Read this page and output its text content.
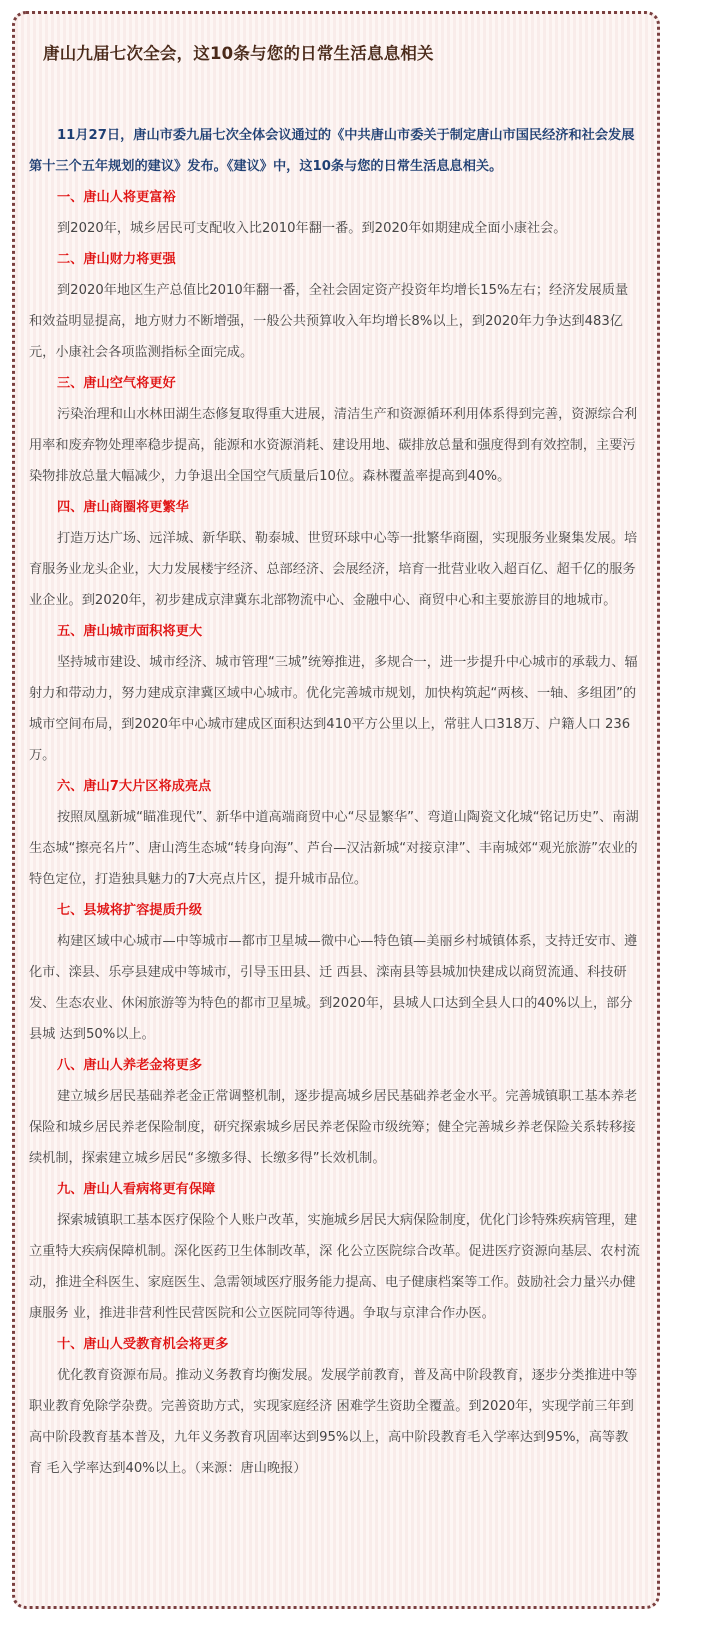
唐山九届七次全会，这10条与您的日常生活息息相关

11月27日，唐山市委九届七次全体会议通过的《中共唐山市委关于制定唐山市国民经济和社会发展第十三个五年规划的建议》发布。《建议》中，这10条与您的日常生活息息相关。

一、唐山人将更富裕

到2020年，城乡居民可支配收入比2010年翻一番。到2020年如期建成全面小康社会。

二、唐山财力将更强

到2020年地区生产总值比2010年翻一番，全社会固定资产投资年均增长15%左右；经济发展质量和效益明显提高，地方财力不断增强，一般公共预算收入年均增长8%以上，到2020年力争达到483亿元，小康社会各项监测指标全面完成。

三、唐山空气将更好

污染治理和山水林田湖生态修复取得重大进展，清洁生产和资源循环利用体系得到完善，资源综合利用率和废弃物处理率稳步提高，能源和水资源消耗、建设用地、碳排放总量和强度得到有效控制，主要污染物排放总量大幅减少，力争退出全国空气质量后10位。森林覆盖率提高到40%。

四、唐山商圈将更繁华

打造万达广场、远洋城、新华联、勒泰城、世贸环球中心等一批繁华商圈，实现服务业聚集发展。培育服务业龙头企业，大力发展楼宇经济、总部经济、会展经济，培育一批营业收入超百亿、超千亿的服务业企业。到2020年，初步建成京津冀东北部物流中心、金融中心、商贸中心和主要旅游目的地城市。

五、唐山城市面积将更大

坚持城市建设、城市经济、城市管理“三城”统筹推进，多规合一，进一步提升中心城市的承载力、辐射力和带动力，努力建成京津冀区域中心城市。优化完善城市规划，加快构筑起“两核、一轴、多组团”的城市空间布局，到2020年中心城市建成区面积达到410平方公里以上，常驻人口318万、户籍人口 236万。

六、唐山7大片区将成亮点

按照凤凰新城“瞄准现代”、新华中道高端商贸中心“尽显繁华”、弯道山陶瓷文化城“铭记历史”、南湖生态城“擦亮名片”、唐山湾生态城“转身向海”、芦台—汉沽新城“对接京津”、丰南城郊“观光旅游”农业的特色定位，打造独具魅力的7大亮点片区，提升城市品位。

七、县城将扩容提质升级

构建区域中心城市—中等城市—都市卫星城—微中心—特色镇—美丽乡村城镇体系，支持迁安市、遵化市、滦县、乐亭县建成中等城市，引导玉田县、迁 西县、滦南县等县城加快建成以商贸流通、科技研发、生态农业、休闲旅游等为特色的都市卫星城。到2020年，县城人口达到全县人口的40%以上，部分县城 达到50%以上。

八、唐山人养老金将更多

建立城乡居民基础养老金正常调整机制，逐步提高城乡居民基础养老金水平。完善城镇职工基本养老保险和城乡居民养老保险制度，研究探索城乡居民养老保险市级统筹；健全完善城乡养老保险关系转移接续机制，探索建立城乡居民“多缴多得、长缴多得”长效机制。

九、唐山人看病将更有保障

探索城镇职工基本医疗保险个人账户改革，实施城乡居民大病保险制度，优化门诊特殊疾病管理，建立重特大疾病保障机制。深化医药卫生体制改革，深 化公立医院综合改革。促进医疗资源向基层、农村流动，推进全科医生、家庭医生、急需领域医疗服务能力提高、电子健康档案等工作。鼓励社会力量兴办健康服务 业，推进非营利性民营医院和公立医院同等待遇。争取与京津合作办医。

十、唐山人受教育机会将更多

优化教育资源布局。推动义务教育均衡发展。发展学前教育，普及高中阶段教育，逐步分类推进中等职业教育免除学杂费。完善资助方式，实现家庭经济 困难学生资助全覆盖。到2020年，实现学前三年到高中阶段教育基本普及，九年义务教育巩固率达到95%以上，高中阶段教育毛入学率达到95%，高等教育 毛入学率达到40%以上。（来源：唐山晚报）
